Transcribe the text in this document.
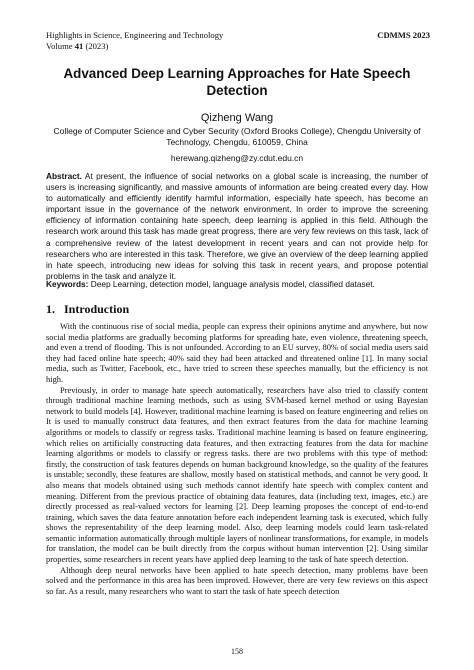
Highlights in Science, Engineering and Technology
Volume 41 (2023)
CDMMS 2023
Advanced Deep Learning Approaches for Hate Speech Detection
Qizheng Wang
College of Computer Science and Cyber Security (Oxford Brooks College), Chengdu University of Technology, Chengdu, 610059, China
herewang.qizheng@zy.cdut.edu.cn
Abstract. At present, the influence of social networks on a global scale is increasing, the number of users is increasing significantly, and massive amounts of information are being created every day. How to automatically and efficiently identify harmful information, especially hate speech, has become an important issue in the governance of the network environment. In order to improve the screening efficiency of information containing hate speech, deep learning is applied in this field. Although the research work around this task has made great progress, there are very few reviews on this task, lack of a comprehensive review of the latest development in recent years and can not provide help for researchers who are interested in this task. Therefore, we give an overview of the deep learning applied in hate speech, introducing new ideas for solving this task in recent years, and propose potential problems in the task and analyze it.
Keywords: Deep Learning, detection model, language analysis model, classified dataset.
1. Introduction

With the continuous rise of social media, people can express their opinions anytime and anywhere, but now social media platforms are gradually becoming platforms for spreading hate, even violence, threatening speech, and even a trend of flooding. This is not unfounded. According to an EU survey, 80% of social media users said they had faced online hate speech; 40% said they had been attacked and threatened online [1]. In many social media, such as Twitter, Facebook, etc., have tried to screen these speeches manually, but the efficiency is not high.

Previously, in order to manage hate speech automatically, researchers have also tried to classify content through traditional machine learning methods, such as using SVM-based kernel method or using Bayesian network to build models [4]. However, traditional machine learning is based on feature engineering and relies on It is used to manually construct data features, and then extract features from the data for machine learning algorithms or models to classify or regress tasks. Traditional machine learning is based on feature engineering, which relies on artificially constructing data features, and then extracting features from the data for machine learning algorithms or models to classify or regress tasks. there are two problems with this type of method: firstly, the construction of task features depends on human background knowledge, so the quality of the features is unstable; secondly, these features are shallow, mostly based on statistical methods, and cannot be very good. It also means that models obtained using such methods cannot identify hate speech with complex content and meaning. Different from the previous practice of obtaining data features, data (including text, images, etc.) are directly processed as real-valued vectors for learning [2]. Deep learning proposes the concept of end-to-end training, which saves the data feature annotation before each independent learning task is executed, which fully shows the representability of the deep learning model. Also, deep learning models could learn task-related semantic information automatically through multiple layers of nonlinear transformations, for example, in models for translation, the model can be built directly from the corpus without human intervention [2]. Using similar properties, some researchers in recent years have applied deep learning to the task of hate speech detection.

Although deep neural networks have been applied to hate speech detection, many problems have been solved and the performance in this area has been improved. However, there are very few reviews on this aspect so far. As a result, many researchers who want to start the task of hate speech detection

158
